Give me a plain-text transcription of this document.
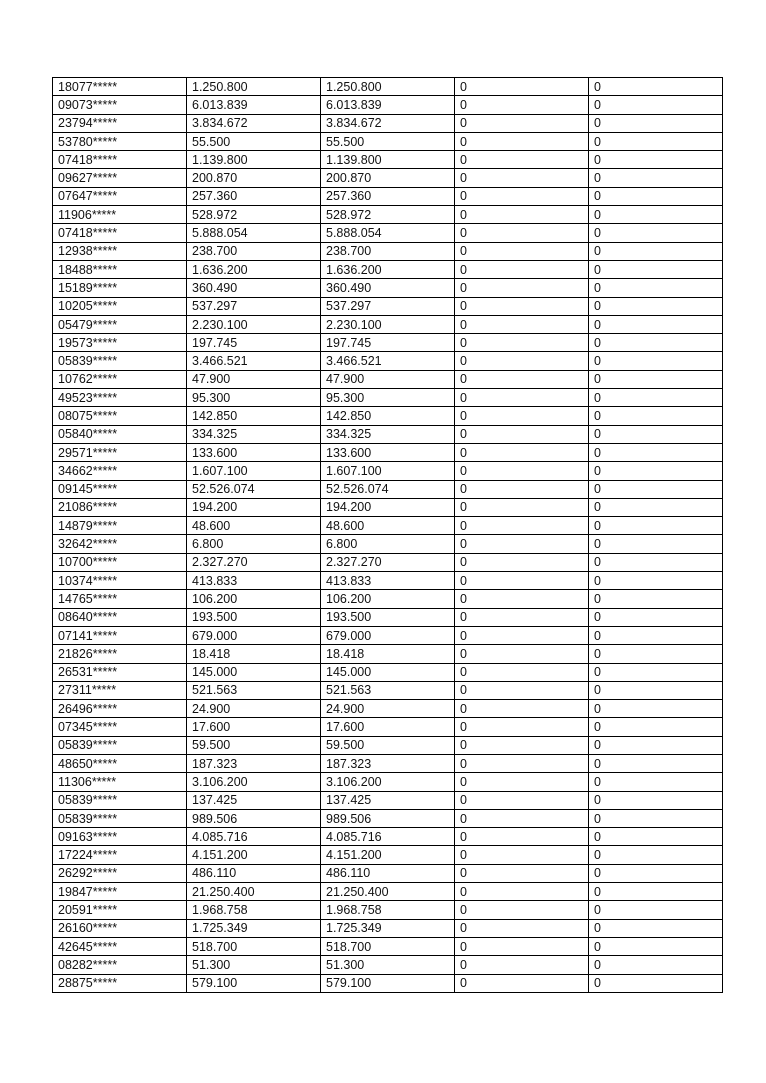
18077*****	1.250.800	1.250.800	0	0
09073*****	6.013.839	6.013.839	0	0
23794*****	3.834.672	3.834.672	0	0
53780*****	55.500	55.500	0	0
07418*****	1.139.800	1.139.800	0	0
09627*****	200.870	200.870	0	0
07647*****	257.360	257.360	0	0
11906*****	528.972	528.972	0	0
07418*****	5.888.054	5.888.054	0	0
12938*****	238.700	238.700	0	0
18488*****	1.636.200	1.636.200	0	0
15189*****	360.490	360.490	0	0
10205*****	537.297	537.297	0	0
05479*****	2.230.100	2.230.100	0	0
19573*****	197.745	197.745	0	0
05839*****	3.466.521	3.466.521	0	0
10762*****	47.900	47.900	0	0
49523*****	95.300	95.300	0	0
08075*****	142.850	142.850	0	0
05840*****	334.325	334.325	0	0
29571*****	133.600	133.600	0	0
34662*****	1.607.100	1.607.100	0	0
09145*****	52.526.074	52.526.074	0	0
21086*****	194.200	194.200	0	0
14879*****	48.600	48.600	0	0
32642*****	6.800	6.800	0	0
10700*****	2.327.270	2.327.270	0	0
10374*****	413.833	413.833	0	0
14765*****	106.200	106.200	0	0
08640*****	193.500	193.500	0	0
07141*****	679.000	679.000	0	0
21826*****	18.418	18.418	0	0
26531*****	145.000	145.000	0	0
27311*****	521.563	521.563	0	0
26496*****	24.900	24.900	0	0
07345*****	17.600	17.600	0	0
05839*****	59.500	59.500	0	0
48650*****	187.323	187.323	0	0
11306*****	3.106.200	3.106.200	0	0
05839*****	137.425	137.425	0	0
05839*****	989.506	989.506	0	0
09163*****	4.085.716	4.085.716	0	0
17224*****	4.151.200	4.151.200	0	0
26292*****	486.110	486.110	0	0
19847*****	21.250.400	21.250.400	0	0
20591*****	1.968.758	1.968.758	0	0
26160*****	1.725.349	1.725.349	0	0
42645*****	518.700	518.700	0	0
08282*****	51.300	51.300	0	0
28875*****	579.100	579.100	0	0
